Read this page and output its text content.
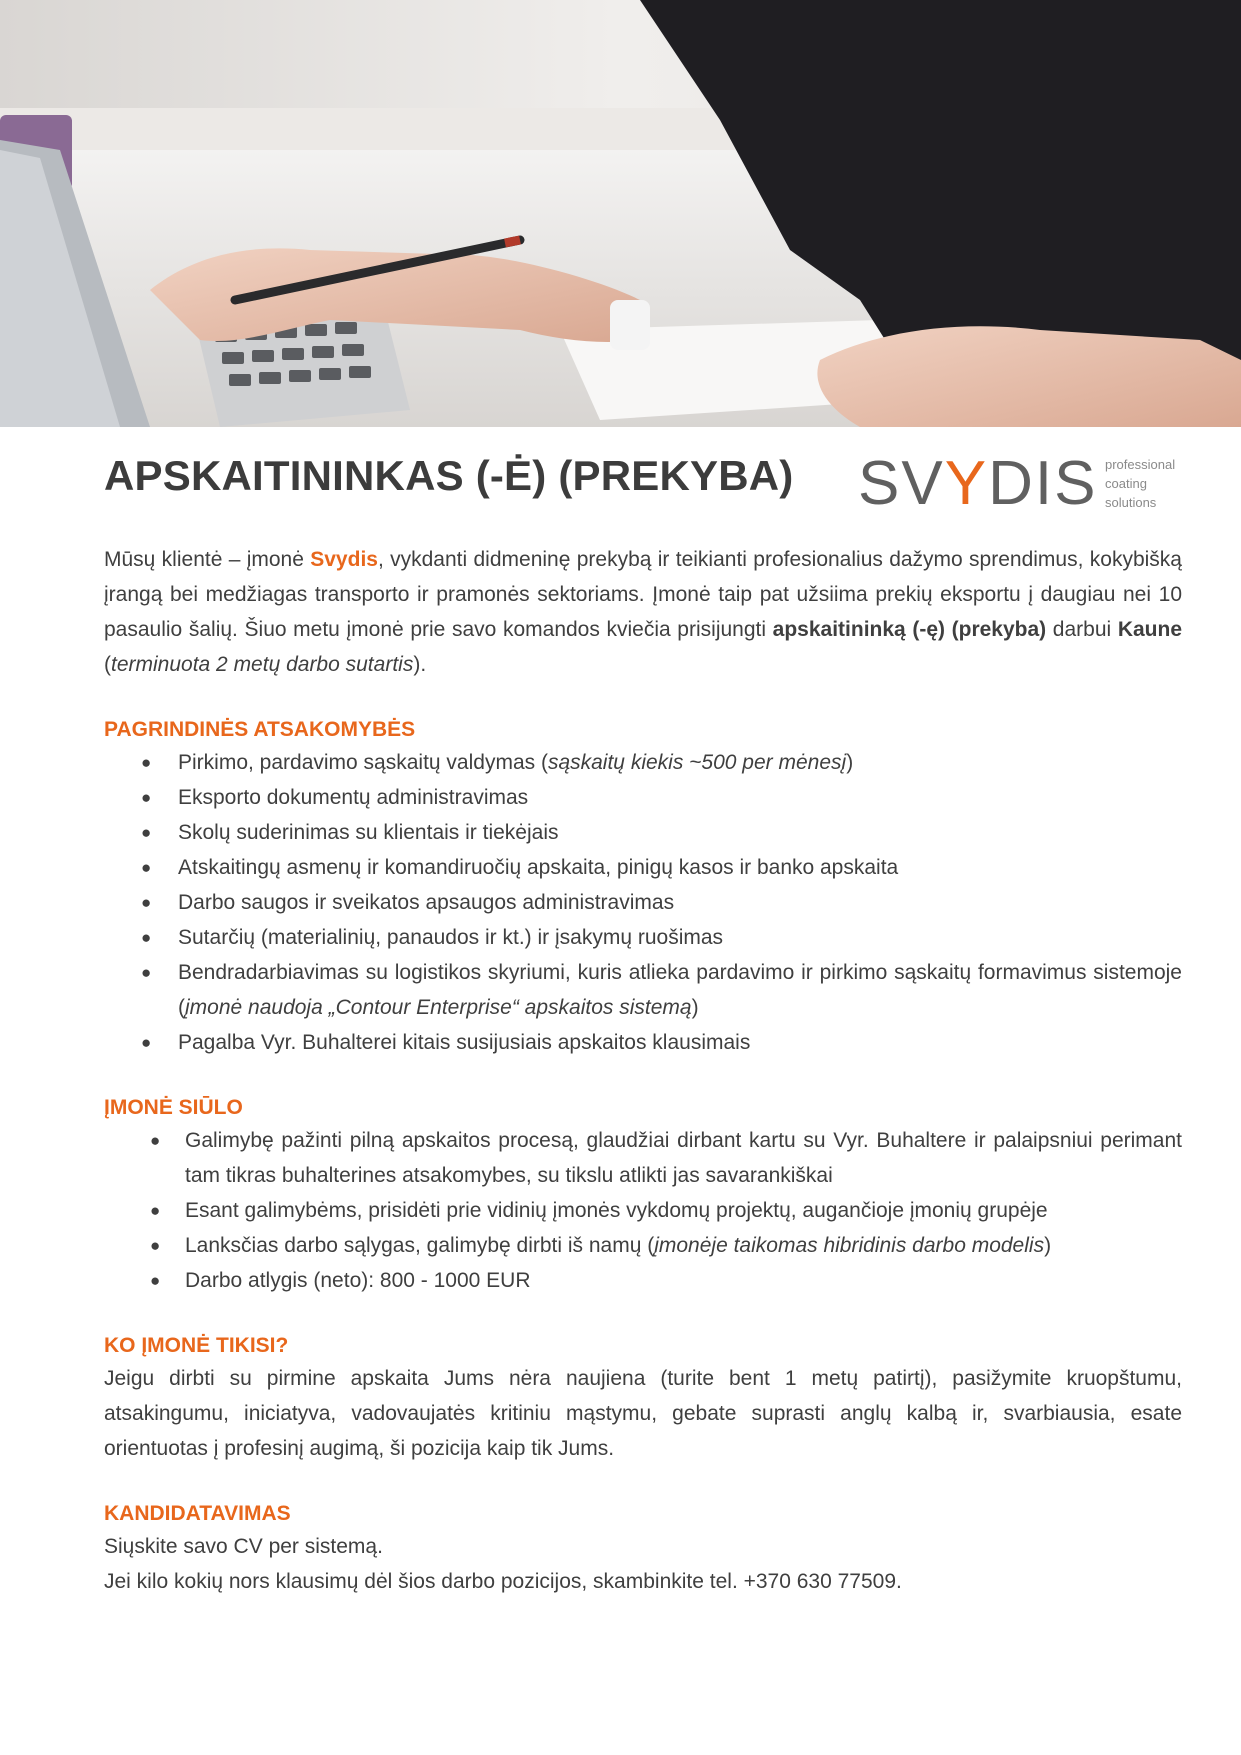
APSKAITININKAS (-Ė) (PREKYBA) SVYDIS professional
coating
solutions

Mūsų klientė – įmonė Svydis, vykdanti didmeninę prekybą ir teikianti profesionalius dažymo sprendimus, kokybišką įrangą bei medžiagas transporto ir pramonės sektoriams. Įmonė taip pat užsiima prekių eksportu į daugiau nei 10 pasaulio šalių. Šiuo metu įmonė prie savo komandos kviečia prisijungti apskaitininką (-ę) (prekyba) darbui Kaune (terminuota 2 metų darbo sutartis).

PAGRINDINĖS ATSAKOMYBĖS
● Pirkimo, pardavimo sąskaitų valdymas (sąskaitų kiekis ~500 per mėnesį)
● Eksporto dokumentų administravimas
● Skolų suderinimas su klientais ir tiekėjais
● Atskaitingų asmenų ir komandiruočių apskaita, pinigų kasos ir banko apskaita
● Darbo saugos ir sveikatos apsaugos administravimas
● Sutarčių (materialinių, panaudos ir kt.) ir įsakymų ruošimas
● Bendradarbiavimas su logistikos skyriumi, kuris atlieka pardavimo ir pirkimo sąskaitų formavimus sistemoje (įmonė naudoja „Contour Enterprise“ apskaitos sistemą)
● Pagalba Vyr. Buhalterei kitais susijusiais apskaitos klausimais
ĮMONĖ SIŪLO
● Galimybę pažinti pilną apskaitos procesą, glaudžiai dirbant kartu su Vyr. Buhaltere ir palaipsniui perimant tam tikras buhalterines atsakomybes, su tikslu atlikti jas savarankiškai
● Esant galimybėms, prisidėti prie vidinių įmonės vykdomų projektų, augančioje įmonių grupėje
● Lanksčias darbo sąlygas, galimybę dirbti iš namų (įmonėje taikomas hibridinis darbo modelis)
● Darbo atlygis (neto): 800 - 1000 EUR
KO ĮMONĖ TIKISI?

Jeigu dirbti su pirmine apskaita Jums nėra naujiena (turite bent 1 metų patirtį), pasižymite kruopštumu, atsakingumu, iniciatyva, vadovaujatės kritiniu mąstymu, gebate suprasti anglų kalbą ir, svarbiausia, esate orientuotas į profesinį augimą, ši pozicija kaip tik Jums.

KANDIDATAVIMAS

Siųskite savo CV per sistemą.

Jei kilo kokių nors klausimų dėl šios darbo pozicijos, skambinkite tel. +370 630 77509.
